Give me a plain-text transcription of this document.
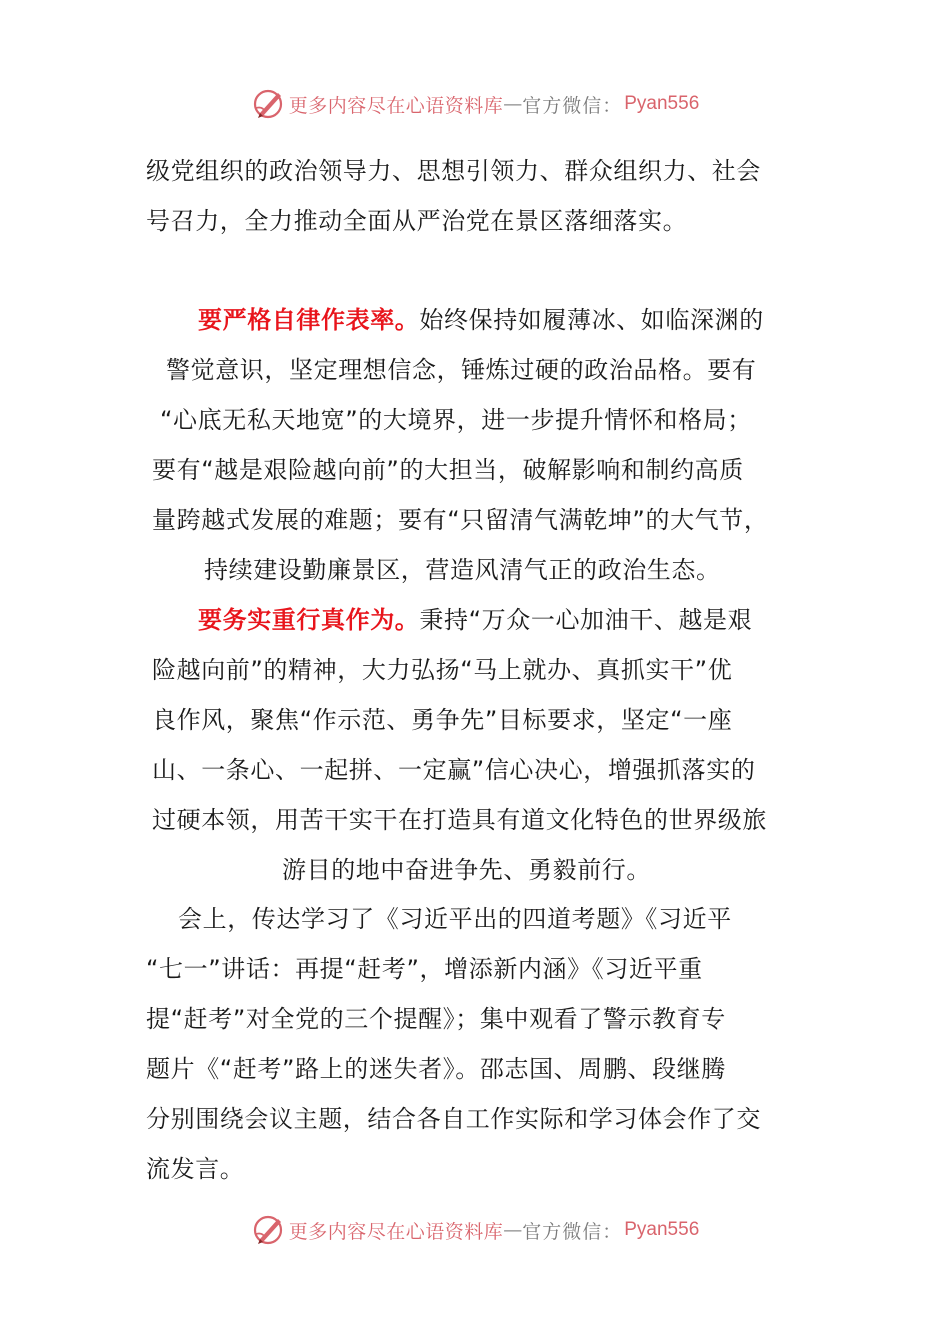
更多内容尽在心语资料库 — 官方微信： Pyan556
级党组织的政治领导力、思想引领力、群众组织力、社会
号召力，全力推动全面从严治党在景区落细落实。
要严格自律作表率。始终保持如履薄冰、如临深渊的
警觉意识，坚定理想信念，锤炼过硬的政治品格。要有
“心底无私天地宽”的大境界，进一步提升情怀和格局；
要有“越是艰险越向前”的大担当，破解影响和制约高质
量跨越式发展的难题；要有“只留清气满乾坤”的大气节，
持续建设勤廉景区，营造风清气正的政治生态。
要务实重行真作为。秉持“万众一心加油干、越是艰
险越向前”的精神，大力弘扬“马上就办、真抓实干”优
良作风，聚焦“作示范、勇争先”目标要求，坚定“一座
山、一条心、一起拼、一定赢”信心决心，增强抓落实的
过硬本领，用苦干实干在打造具有道文化特色的世界级旅
游目的地中奋进争先、勇毅前行。
会上，传达学习了《习近平出的四道考题》《习近平
“七一”讲话：再提“赶考”，增添新内涵》《习近平重
提“赶考”对全党的三个提醒》；集中观看了警示教育专
题片《“赶考”路上的迷失者》。邵志国、周鹏、段继腾
分别围绕会议主题，结合各自工作实际和学习体会作了交
流发言。
更多内容尽在心语资料库 — 官方微信： Pyan556
